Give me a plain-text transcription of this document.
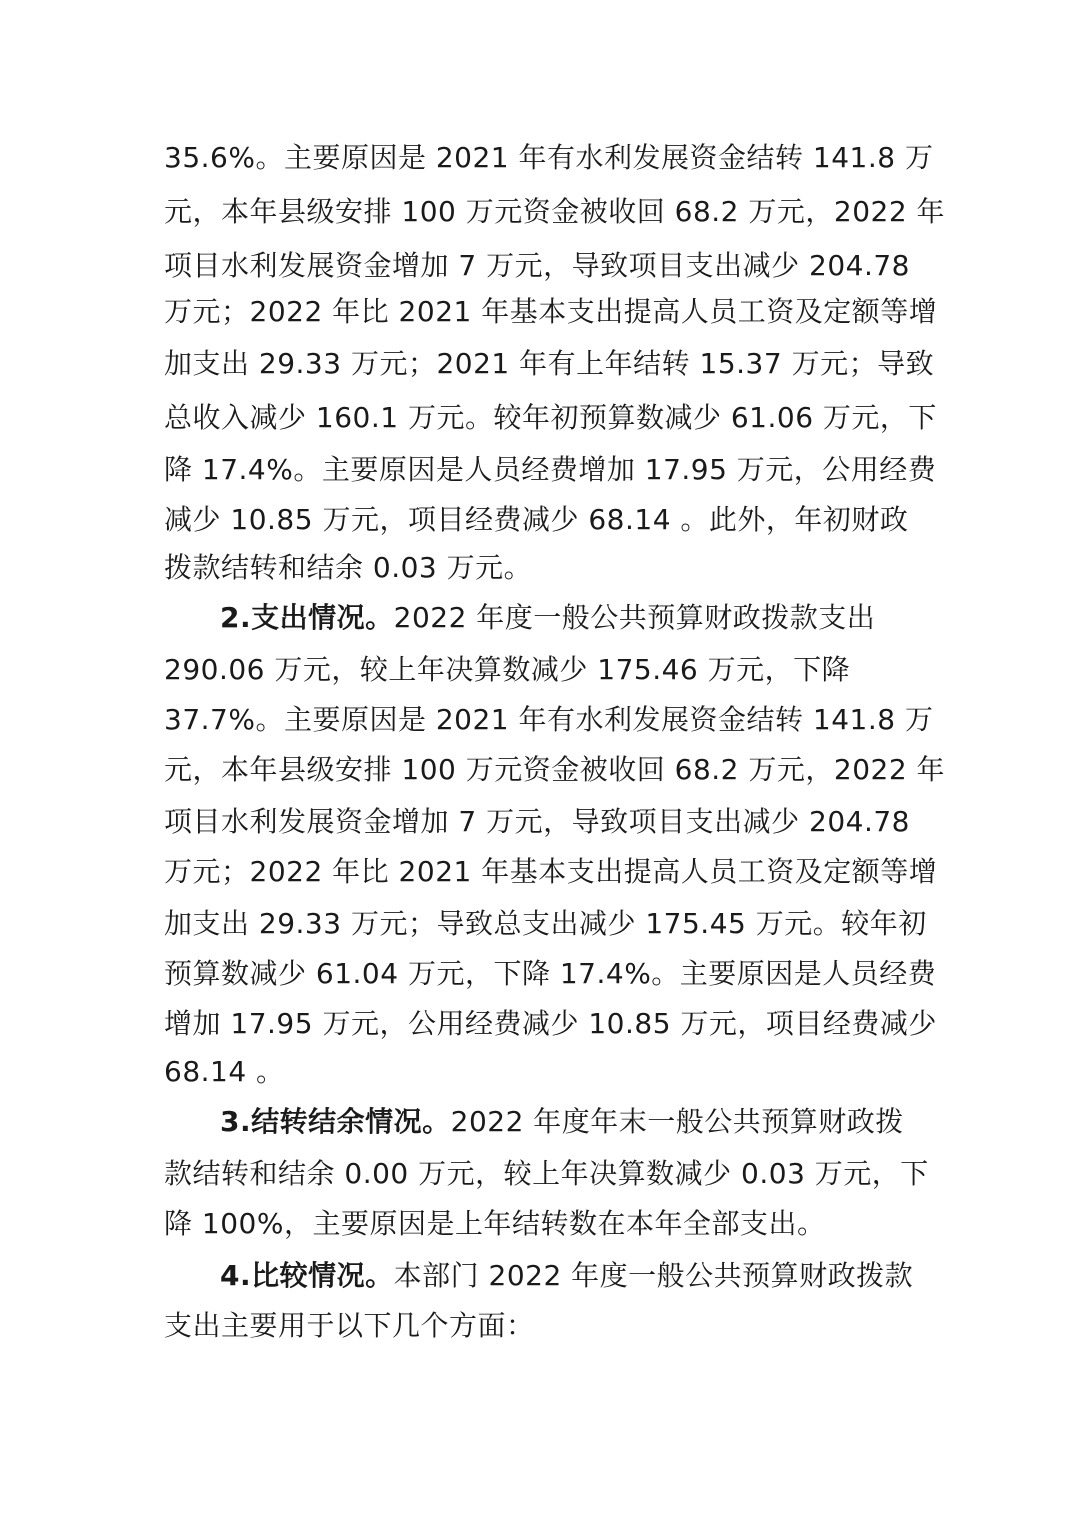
35.6%。主要原因是 2021 年有水利发展资金结转 141.8 万
元，本年县级安排 100 万元资金被收回 68.2 万元，2022 年
项目水利发展资金增加 7 万元，导致项目支出减少 204.78
万元；2022 年比 2021 年基本支出提高人员工资及定额等增
加支出 29.33 万元；2021 年有上年结转 15.37 万元；导致
总收入减少 160.1 万元。较年初预算数减少 61.06 万元，下
降 17.4%。主要原因是人员经费增加 17.95 万元，公用经费
减少 10.85 万元，项目经费减少 68.14 。此外，年初财政
拨款结转和结余 0.03 万元。
2.支出情况。2022 年度一般公共预算财政拨款支出
290.06 万元，较上年决算数减少 175.46 万元，下降
37.7%。主要原因是 2021 年有水利发展资金结转 141.8 万
元，本年县级安排 100 万元资金被收回 68.2 万元，2022 年
项目水利发展资金增加 7 万元，导致项目支出减少 204.78
万元；2022 年比 2021 年基本支出提高人员工资及定额等增
加支出 29.33 万元；导致总支出减少 175.45 万元。较年初
预算数减少 61.04 万元，下降 17.4%。主要原因是人员经费
增加 17.95 万元，公用经费减少 10.85 万元，项目经费减少
68.14 。
3.结转结余情况。2022 年度年末一般公共预算财政拨
款结转和结余 0.00 万元，较上年决算数减少 0.03 万元，下
降 100%，主要原因是上年结转数在本年全部支出。
4.比较情况。本部门 2022 年度一般公共预算财政拨款
支出主要用于以下几个方面：
